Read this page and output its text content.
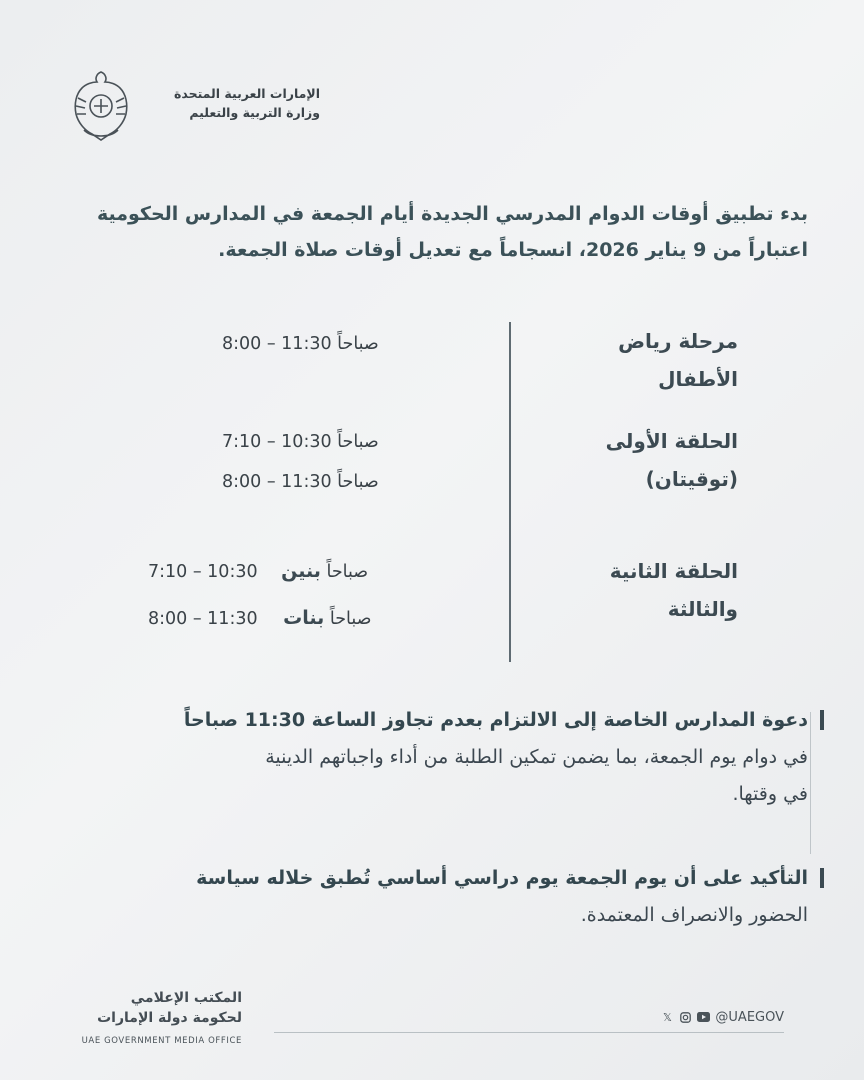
الإمارات العربية المتحدة
وزارة التربية والتعليم

بدء تطبيق أوقات الدوام المدرسي الجديدة أيام الجمعة في المدارس الحكومية

اعتباراً من 9 يناير 2026، انسجاماً مع تعديل أوقات صلاة الجمعة.

مرحلة رياض
الأطفال
8:00 – 11:30 صباحاً
الحلقة الأولى
(توقيتان)
7:10 – 10:30 صباحاً
8:00 – 11:30 صباحاً
الحلقة الثانية
والثالثة
7:10 – 10:30 صباحاً بنين
8:00 – 11:30 صباحاً بنات
دعوة المدارس الخاصة إلى الالتزام بعدم تجاوز الساعة 11:30 صباحاً
في دوام يوم الجمعة، بما يضمن تمكين الطلبة من أداء واجباتهم الدينية
في وقتها.
التأكيد على أن يوم الجمعة يوم دراسي أساسي تُطبق خلاله سياسة
الحضور والانصراف المعتمدة.
المكتب الإعلامي
لحكومة دولة الإمارات
UAE GOVERNMENT MEDIA OFFICE
𝕏	@UAEGOV
